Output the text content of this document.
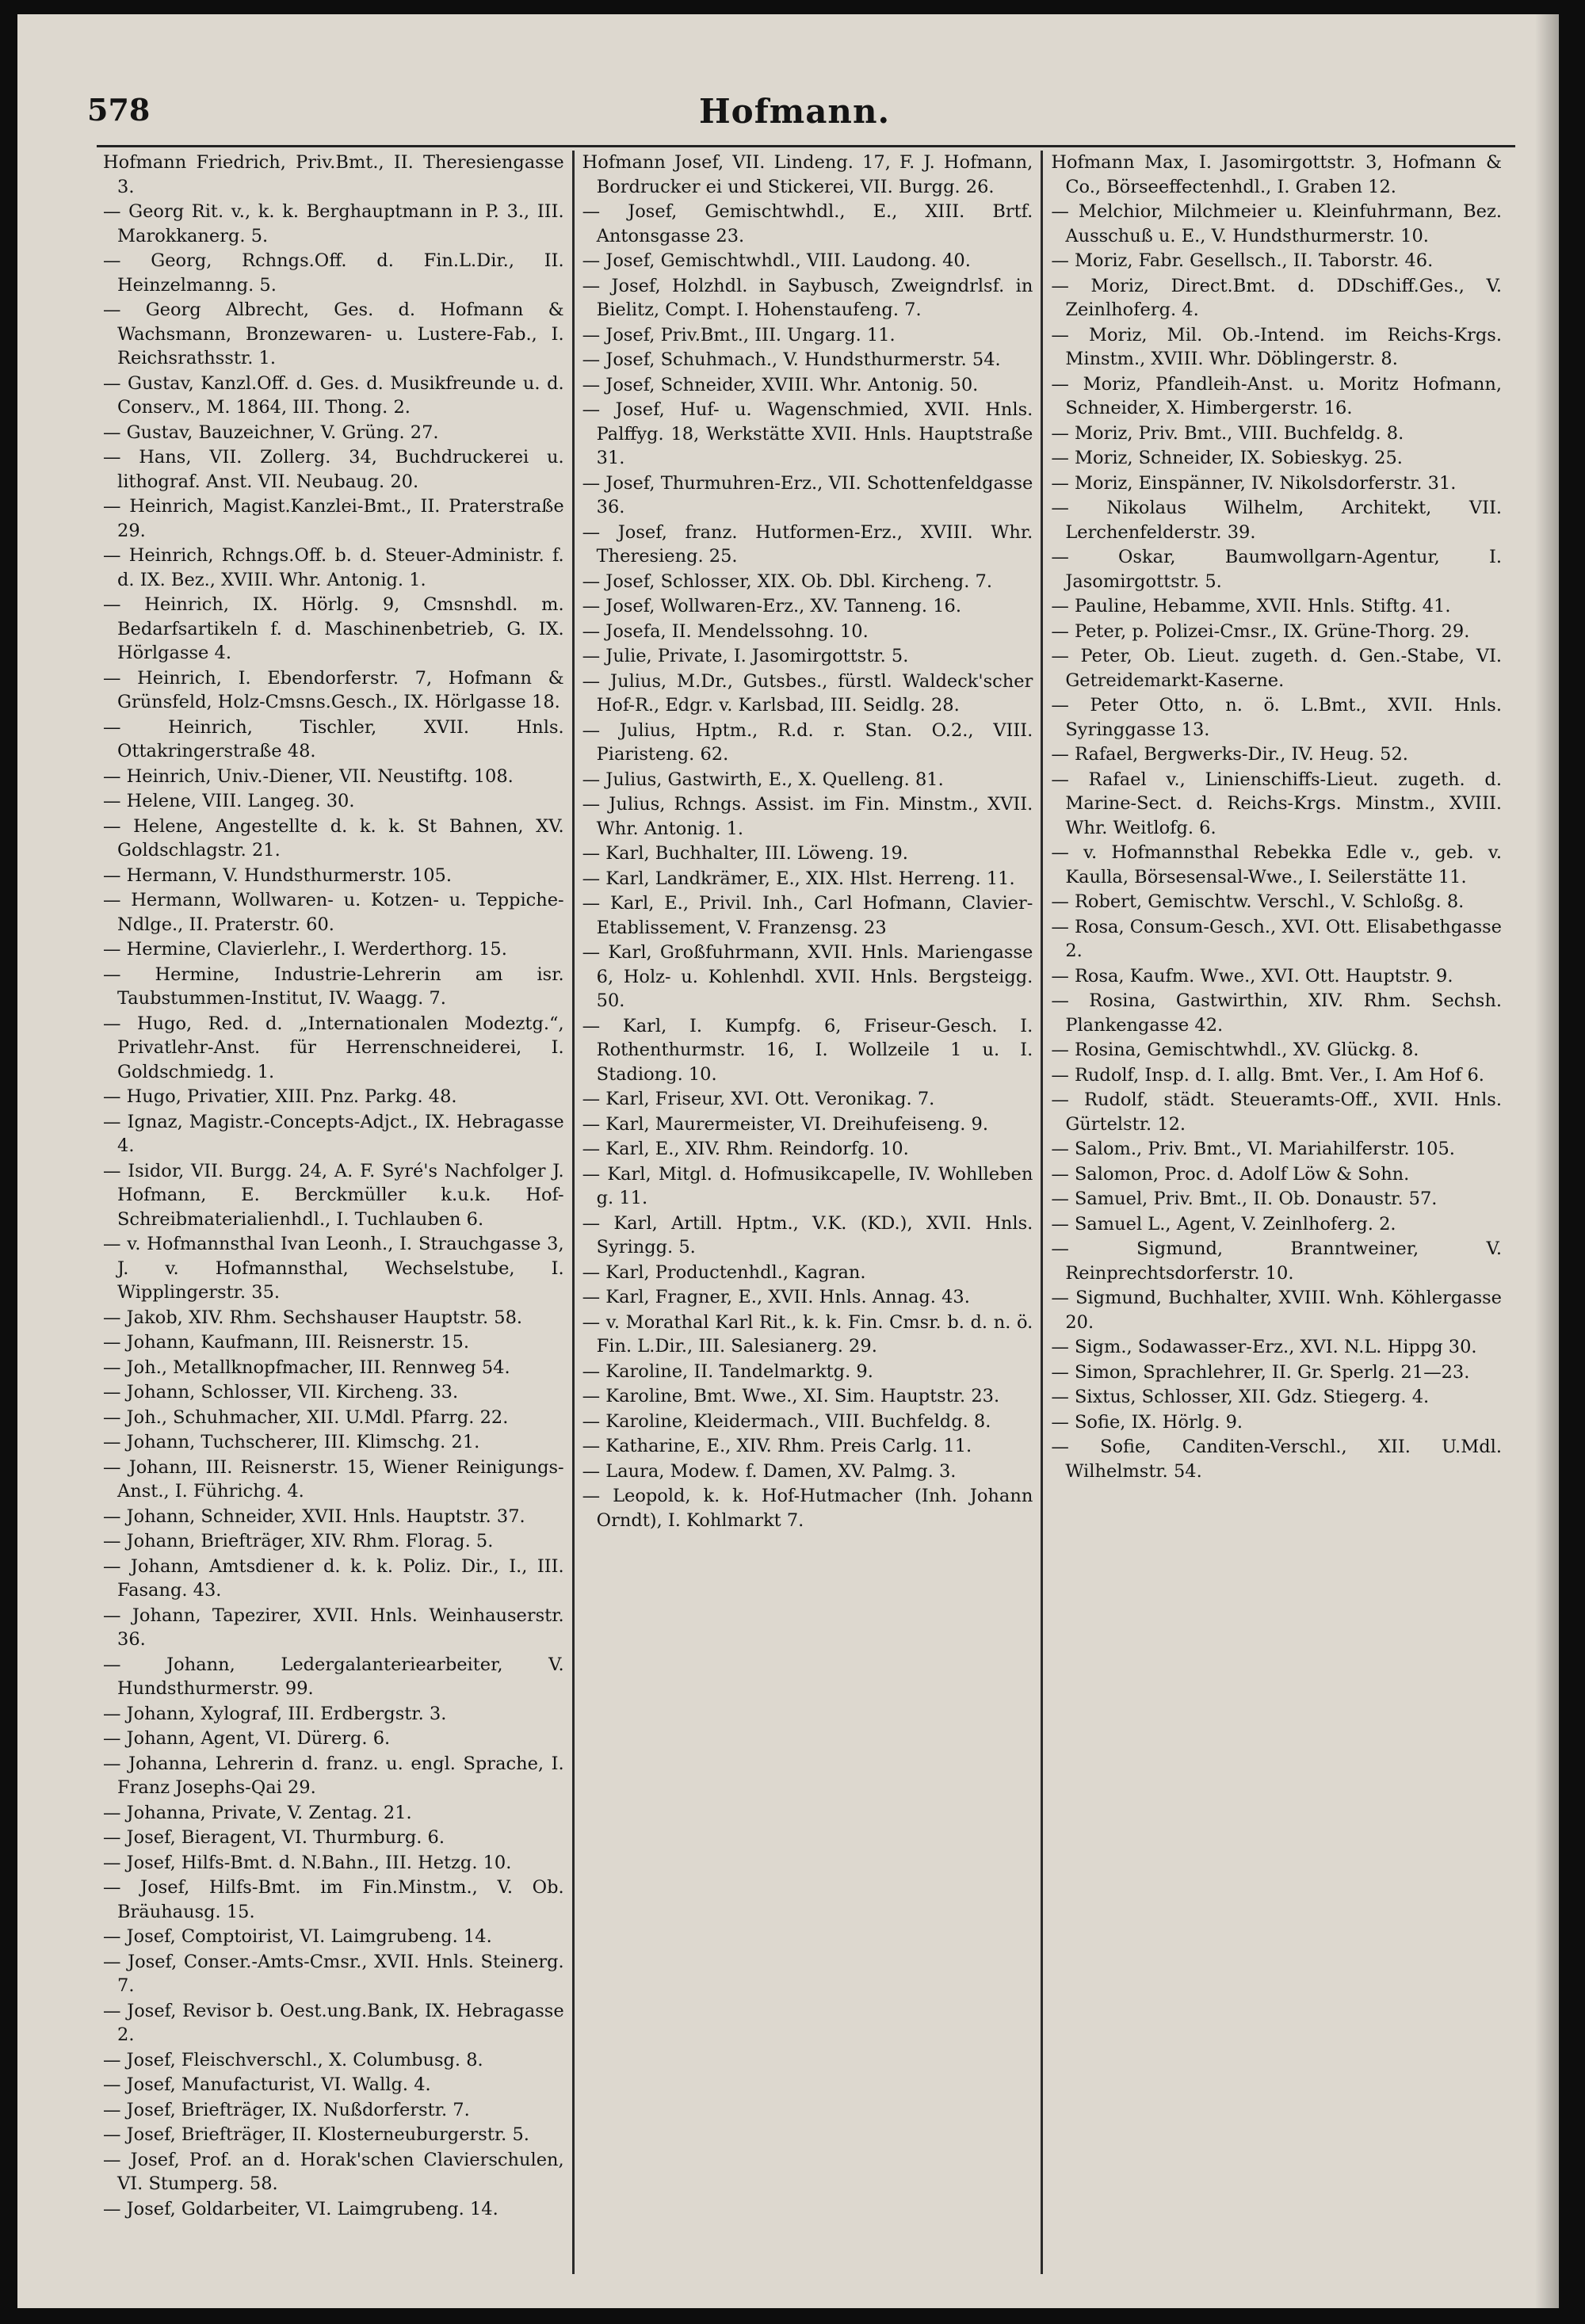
578	Hofmann.
Hofmann Friedrich, Priv.Bmt., II. Theresiengasse 3.
— Georg Rit. v., k. k. Berghauptmann in P. 3., III. Marokkanerg. 5.
— Georg, Rchngs.Off. d. Fin.L.Dir., II. Heinzelmanng. 5.
— Georg Albrecht, Ges. d. Hofmann & Wachsmann, Bronzewaren- u. Lustere-Fab., I. Reichsrathsstr. 1.
— Gustav, Kanzl.Off. d. Ges. d. Musikfreunde u. d. Conserv., M. 1864, III. Thong. 2.
— Gustav, Bauzeichner, V. Grüng. 27.
— Hans, VII. Zollerg. 34, Buchdruckerei u. lithograf. Anst. VII. Neubaug. 20.
— Heinrich, Magist.Kanzlei-Bmt., II. Praterstraße 29.
— Heinrich, Rchngs.Off. b. d. Steuer-Administr. f. d. IX. Bez., XVIII. Whr. Antonig. 1.
— Heinrich, IX. Hörlg. 9, Cmsnshdl. m. Bedarfsartikeln f. d. Maschinenbetrieb, G. IX. Hörlgasse 4.
— Heinrich, I. Ebendorferstr. 7, Hofmann & Grünsfeld, Holz-Cmsns.Gesch., IX. Hörlgasse 18.
— Heinrich, Tischler, XVII. Hnls. Ottakringerstraße 48.
— Heinrich, Univ.-Diener, VII. Neustiftg. 108.
— Helene, VIII. Langeg. 30.
— Helene, Angestellte d. k. k. St Bahnen, XV. Goldschlagstr. 21.
— Hermann, V. Hundsthurmerstr. 105.
— Hermann, Wollwaren- u. Kotzen- u. Teppiche-Ndlge., II. Praterstr. 60.
— Hermine, Clavierlehr., I. Werderthorg. 15.
— Hermine, Industrie-Lehrerin am isr. Taubstummen-Institut, IV. Waagg. 7.
— Hugo, Red. d. „Internationalen Modeztg.“, Privatlehr-Anst. für Herrenschneiderei, I. Goldschmiedg. 1.
— Hugo, Privatier, XIII. Pnz. Parkg. 48.
— Ignaz, Magistr.-Concepts-Adjct., IX. Hebragasse 4.
— Isidor, VII. Burgg. 24, A. F. Syré's Nachfolger J. Hofmann, E. Berckmüller k.u.k. Hof-Schreibmaterialienhdl., I. Tuchlauben 6.
— v. Hofmannsthal Ivan Leonh., I. Strauchgasse 3, J. v. Hofmannsthal, Wechselstube, I. Wipplingerstr. 35.
— Jakob, XIV. Rhm. Sechshauser Hauptstr. 58.
— Johann, Kaufmann, III. Reisnerstr. 15.
— Joh., Metallknopfmacher, III. Rennweg 54.
— Johann, Schlosser, VII. Kircheng. 33.
— Joh., Schuhmacher, XII. U.Mdl. Pfarrg. 22.
— Johann, Tuchscherer, III. Klimschg. 21.
— Johann, III. Reisnerstr. 15, Wiener Reinigungs-Anst., I. Führichg. 4.
— Johann, Schneider, XVII. Hnls. Hauptstr. 37.
— Johann, Briefträger, XIV. Rhm. Florag. 5.
— Johann, Amtsdiener d. k. k. Poliz. Dir., I., III. Fasang. 43.
— Johann, Tapezirer, XVII. Hnls. Weinhauserstr. 36.
— Johann, Ledergalanteriearbeiter, V. Hundsthurmerstr. 99.
— Johann, Xylograf, III. Erdbergstr. 3.
— Johann, Agent, VI. Dürerg. 6.
— Johanna, Lehrerin d. franz. u. engl. Sprache, I. Franz Josephs-Qai 29.
— Johanna, Private, V. Zentag. 21.
— Josef, Bieragent, VI. Thurmburg. 6.
— Josef, Hilfs-Bmt. d. N.Bahn., III. Hetzg. 10.
— Josef, Hilfs-Bmt. im Fin.Minstm., V. Ob. Bräuhausg. 15.
— Josef, Comptoirist, VI. Laimgrubeng. 14.
— Josef, Conser.-Amts-Cmsr., XVII. Hnls. Steinerg. 7.
— Josef, Revisor b. Oest.ung.Bank, IX. Hebragasse 2.
— Josef, Fleischverschl., X. Columbusg. 8.
— Josef, Manufacturist, VI. Wallg. 4.
— Josef, Briefträger, IX. Nußdorferstr. 7.
— Josef, Briefträger, II. Klosterneuburgerstr. 5.
— Josef, Prof. an d. Horak'schen Clavierschulen, VI. Stumperg. 58.
— Josef, Goldarbeiter, VI. Laimgrubeng. 14.
Hofmann Josef, VII. Lindeng. 17, F. J. Hofmann, Bordrucker ei und Stickerei, VII. Burgg. 26.
— Josef, Gemischtwhdl., E., XIII. Brtf. Antonsgasse 23.
— Josef, Gemischtwhdl., VIII. Laudong. 40.
— Josef, Holzhdl. in Saybusch, Zweigndrlsf. in Bielitz, Compt. I. Hohenstaufeng. 7.
— Josef, Priv.Bmt., III. Ungarg. 11.
— Josef, Schuhmach., V. Hundsthurmerstr. 54.
— Josef, Schneider, XVIII. Whr. Antonig. 50.
— Josef, Huf- u. Wagenschmied, XVII. Hnls. Palffyg. 18, Werkstätte XVII. Hnls. Hauptstraße 31.
— Josef, Thurmuhren-Erz., VII. Schottenfeldgasse 36.
— Josef, franz. Hutformen-Erz., XVIII. Whr. Theresieng. 25.
— Josef, Schlosser, XIX. Ob. Dbl. Kircheng. 7.
— Josef, Wollwaren-Erz., XV. Tanneng. 16.
— Josefa, II. Mendelssohng. 10.
— Julie, Private, I. Jasomirgottstr. 5.
— Julius, M.Dr., Gutsbes., fürstl. Waldeck'scher Hof-R., Edgr. v. Karlsbad, III. Seidlg. 28.
— Julius, Hptm., R.d. r. Stan. O.2., VIII. Piaristeng. 62.
— Julius, Gastwirth, E., X. Quelleng. 81.
— Julius, Rchngs. Assist. im Fin. Minstm., XVII. Whr. Antonig. 1.
— Karl, Buchhalter, III. Löweng. 19.
— Karl, Landkrämer, E., XIX. Hlst. Herreng. 11.
— Karl, E., Privil. Inh., Carl Hofmann, Clavier-Etablissement, V. Franzensg. 23
— Karl, Großfuhrmann, XVII. Hnls. Mariengasse 6, Holz- u. Kohlenhdl. XVII. Hnls. Bergsteigg. 50.
— Karl, I. Kumpfg. 6, Friseur-Gesch. I. Rothenthurmstr. 16, I. Wollzeile 1 u. I. Stadiong. 10.
— Karl, Friseur, XVI. Ott. Veronikag. 7.
— Karl, Maurermeister, VI. Dreihufeiseng. 9.
— Karl, E., XIV. Rhm. Reindorfg. 10.
— Karl, Mitgl. d. Hofmusikcapelle, IV. Wohlleben g. 11.
— Karl, Artill. Hptm., V.K. (KD.), XVII. Hnls. Syringg. 5.
— Karl, Productenhdl., Kagran.
— Karl, Fragner, E., XVII. Hnls. Annag. 43.
— v. Morathal Karl Rit., k. k. Fin. Cmsr. b. d. n. ö. Fin. L.Dir., III. Salesianerg. 29.
— Karoline, II. Tandelmarktg. 9.
— Karoline, Bmt. Wwe., XI. Sim. Hauptstr. 23.
— Karoline, Kleidermach., VIII. Buchfeldg. 8.
— Katharine, E., XIV. Rhm. Preis Carlg. 11.
— Laura, Modew. f. Damen, XV. Palmg. 3.
— Leopold, k. k. Hof-Hutmacher (Inh. Johann Orndt), I. Kohlmarkt 7.
Hofmann Max, I. Jasomirgottstr. 3, Hofmann & Co., Börseeffectenhdl., I. Graben 12.
— Melchior, Milchmeier u. Kleinfuhrmann, Bez. Ausschuß u. E., V. Hundsthurmerstr. 10.
— Moriz, Fabr. Gesellsch., II. Taborstr. 46.
— Moriz, Direct.Bmt. d. DDschiff.Ges., V. Zeinlhoferg. 4.
— Moriz, Mil. Ob.-Intend. im Reichs-Krgs. Minstm., XVIII. Whr. Döblingerstr. 8.
— Moriz, Pfandleih-Anst. u. Moritz Hofmann, Schneider, X. Himbergerstr. 16.
— Moriz, Priv. Bmt., VIII. Buchfeldg. 8.
— Moriz, Schneider, IX. Sobieskyg. 25.
— Moriz, Einspänner, IV. Nikolsdorferstr. 31.
— Nikolaus Wilhelm, Architekt, VII. Lerchenfelderstr. 39.
— Oskar, Baumwollgarn-Agentur, I. Jasomirgottstr. 5.
— Pauline, Hebamme, XVII. Hnls. Stiftg. 41.
— Peter, p. Polizei-Cmsr., IX. Grüne-Thorg. 29.
— Peter, Ob. Lieut. zugeth. d. Gen.-Stabe, VI. Getreidemarkt-Kaserne.
— Peter Otto, n. ö. L.Bmt., XVII. Hnls. Syringgasse 13.
— Rafael, Bergwerks-Dir., IV. Heug. 52.
— Rafael v., Linienschiffs-Lieut. zugeth. d. Marine-Sect. d. Reichs-Krgs. Minstm., XVIII. Whr. Weitlofg. 6.
— v. Hofmannsthal Rebekka Edle v., geb. v. Kaulla, Börsesensal-Wwe., I. Seilerstätte 11.
— Robert, Gemischtw. Verschl., V. Schloßg. 8.
— Rosa, Consum-Gesch., XVI. Ott. Elisabethgasse 2.
— Rosa, Kaufm. Wwe., XVI. Ott. Hauptstr. 9.
— Rosina, Gastwirthin, XIV. Rhm. Sechsh. Plankengasse 42.
— Rosina, Gemischtwhdl., XV. Glückg. 8.
— Rudolf, Insp. d. I. allg. Bmt. Ver., I. Am Hof 6.
— Rudolf, städt. Steueramts-Off., XVII. Hnls. Gürtelstr. 12.
— Salom., Priv. Bmt., VI. Mariahilferstr. 105.
— Salomon, Proc. d. Adolf Löw & Sohn.
— Samuel, Priv. Bmt., II. Ob. Donaustr. 57.
— Samuel L., Agent, V. Zeinlhoferg. 2.
— Sigmund, Branntweiner, V. Reinprechtsdorferstr. 10.
— Sigmund, Buchhalter, XVIII. Wnh. Köhlergasse 20.
— Sigm., Sodawasser-Erz., XVI. N.L. Hippg 30.
— Simon, Sprachlehrer, II. Gr. Sperlg. 21—23.
— Sixtus, Schlosser, XII. Gdz. Stiegerg. 4.
— Sofie, IX. Hörlg. 9.
— Sofie, Canditen-Verschl., XII. U.Mdl. Wilhelmstr. 54.
